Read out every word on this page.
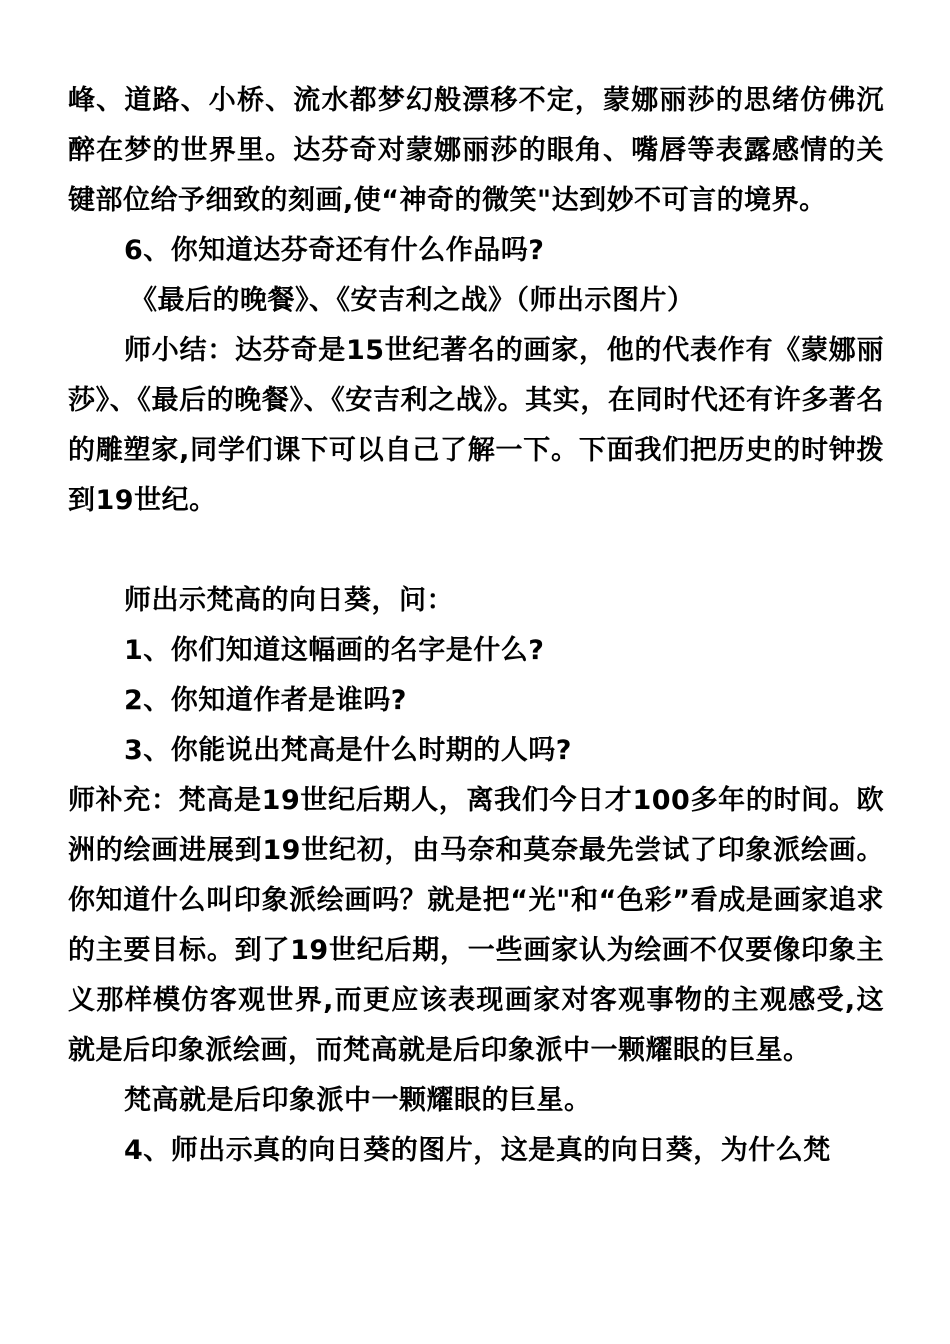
峰、道路、小桥、流水都梦幻般漂移不定，蒙娜丽莎的思绪仿佛沉醉在梦的世界里。达芬奇对蒙娜丽莎的眼角、嘴唇等表露感情的关键部位给予细致的刻画,使“神奇的微笑"达到妙不可言的境界。

6、你知道达芬奇还有什么作品吗?

《最后的晚餐》、《安吉利之战》（师出示图片）

师小结：达芬奇是15世纪著名的画家，他的代表作有《蒙娜丽莎》、《最后的晚餐》、《安吉利之战》。其实，在同时代还有许多著名的雕塑家,同学们课下可以自己了解一下。下面我们把历史的时钟拨到19世纪。

师出示梵高的向日葵，问：

1、你们知道这幅画的名字是什么?

2、你知道作者是谁吗?

3、你能说出梵高是什么时期的人吗?

师补充：梵高是19世纪后期人，离我们今日才100多年的时间。欧洲的绘画进展到19世纪初，由马奈和莫奈最先尝试了印象派绘画。你知道什么叫印象派绘画吗？就是把“光"和“色彩”看成是画家追求的主要目标。到了19世纪后期，一些画家认为绘画不仅要像印象主义那样模仿客观世界,而更应该表现画家对客观事物的主观感受,这就是后印象派绘画，而梵高就是后印象派中一颗耀眼的巨星。

梵高就是后印象派中一颗耀眼的巨星。

4、师出示真的向日葵的图片，这是真的向日葵，为什么梵
